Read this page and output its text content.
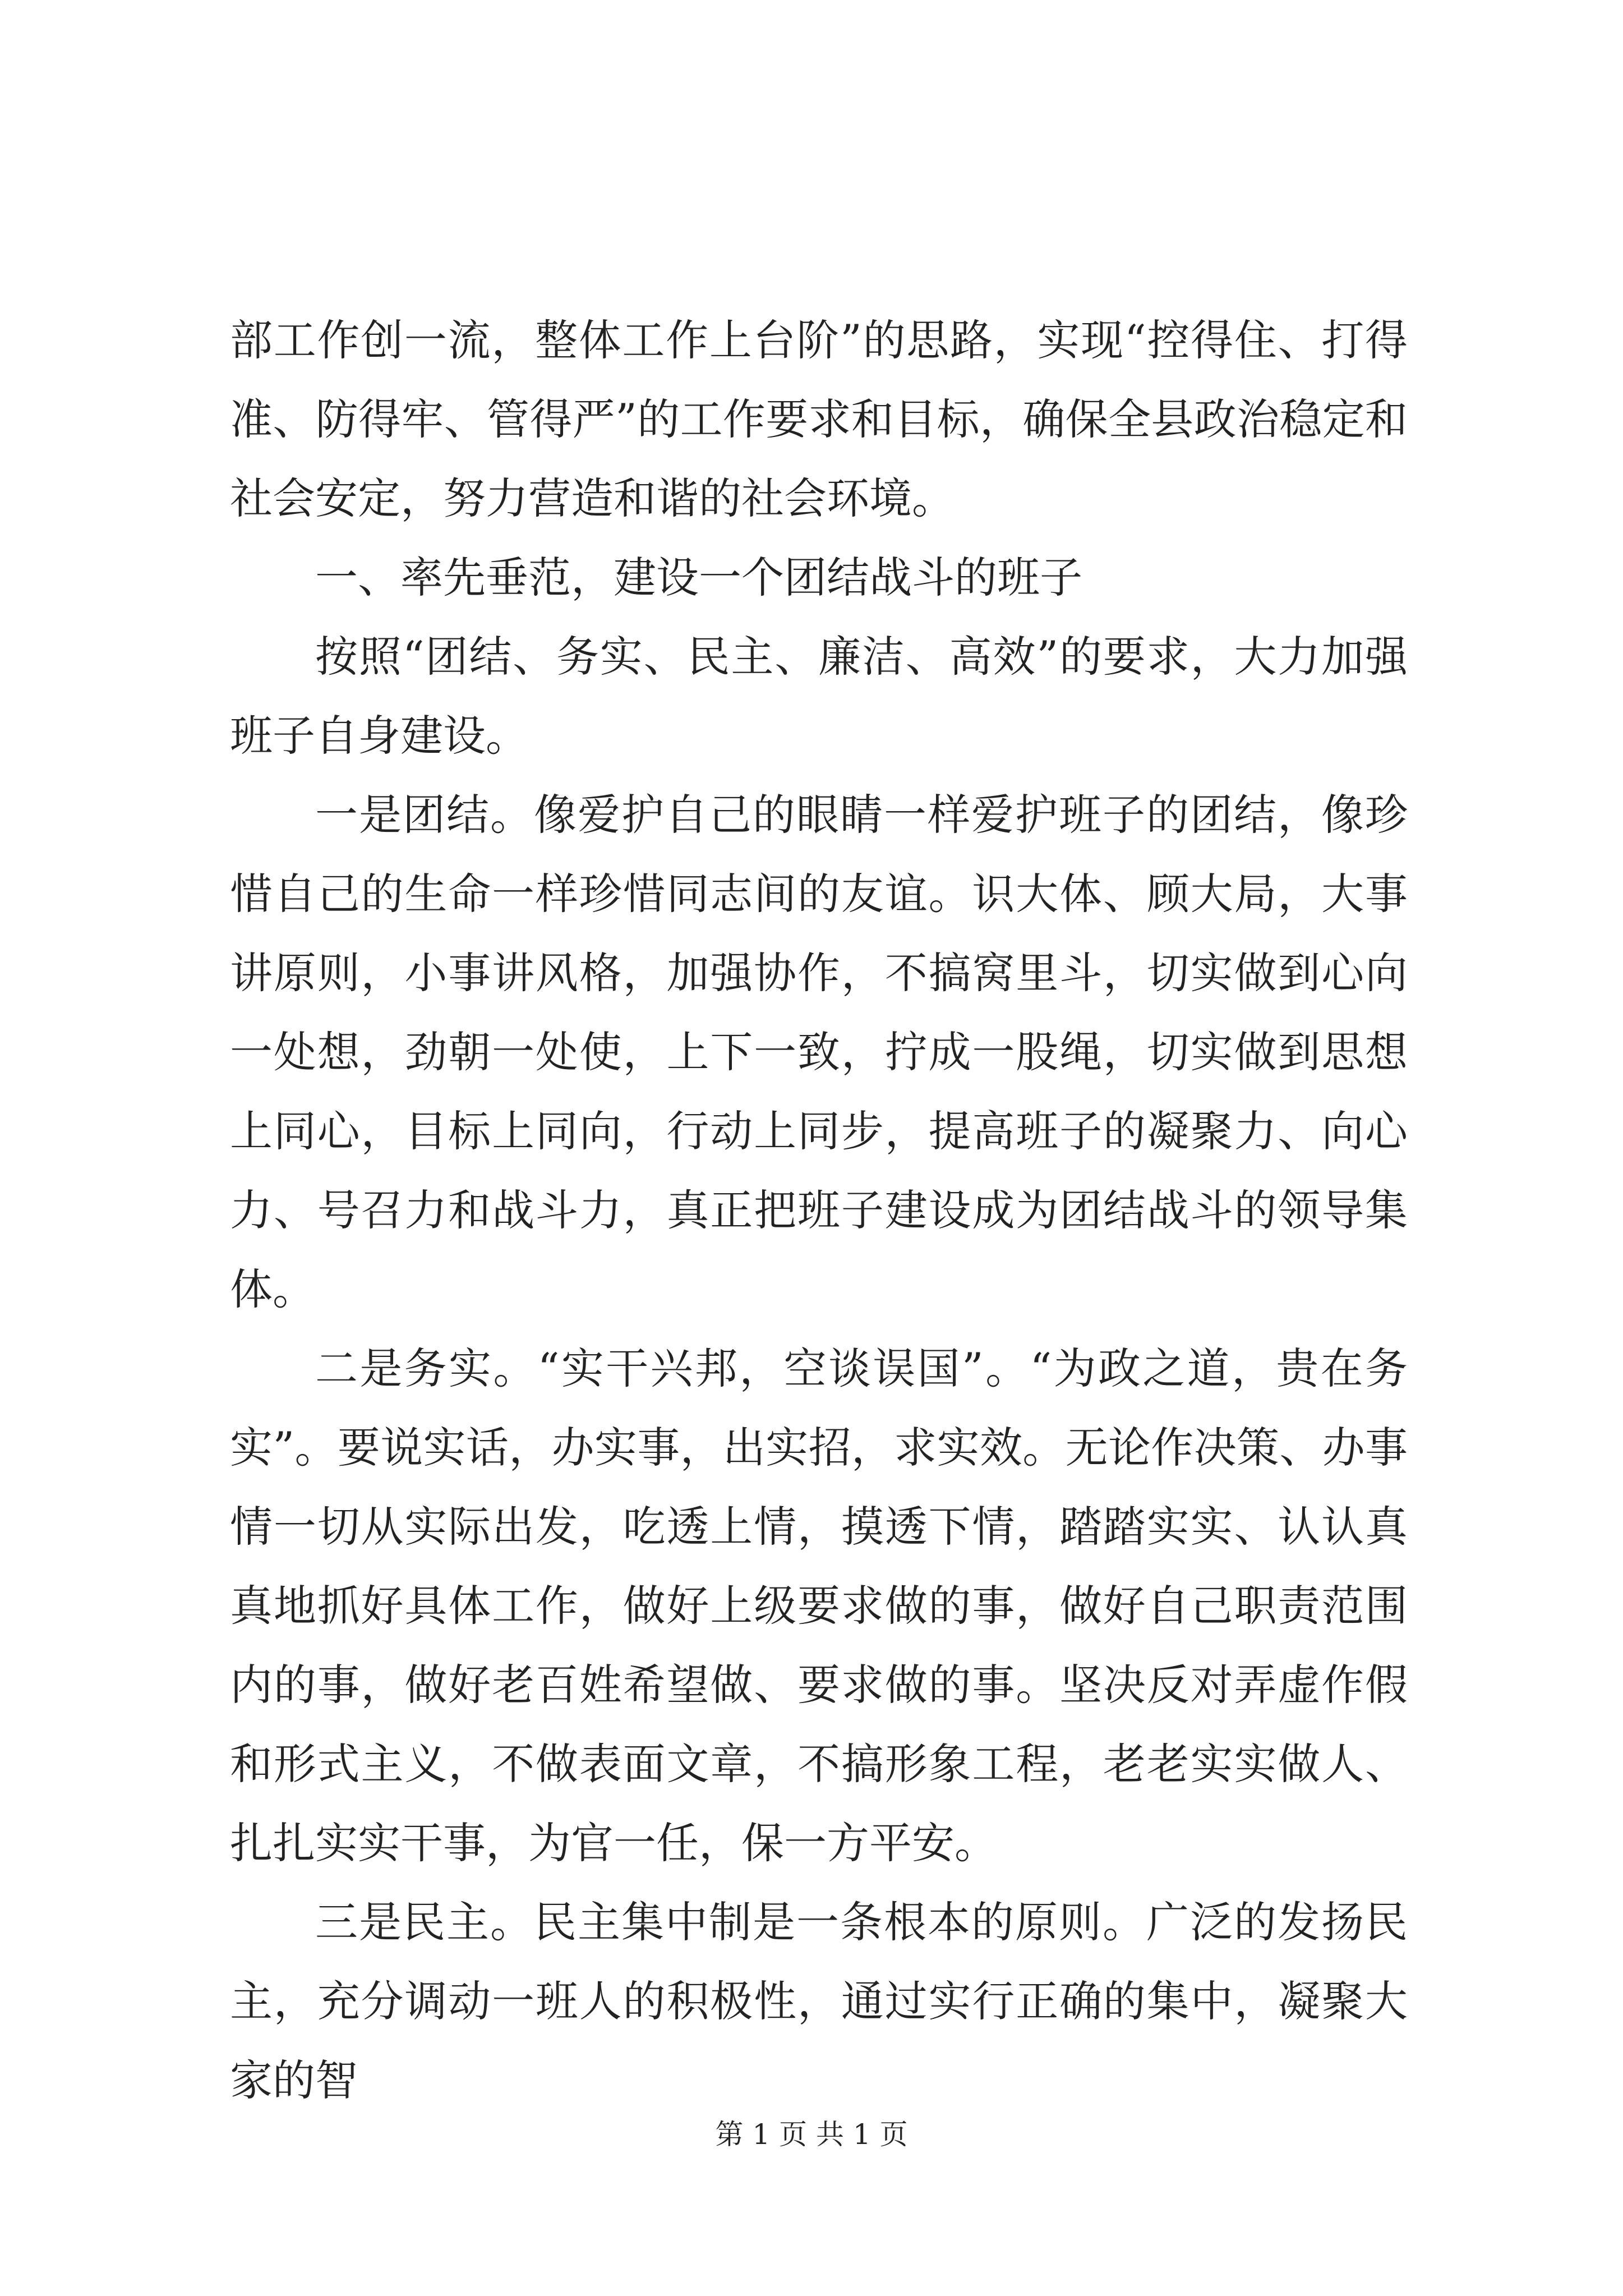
部工作创一流，整体工作上台阶”的思路，实现“控得住、打得准、防得牢、管得严”的工作要求和目标，确保全县政治稳定和社会安定，努力营造和谐的社会环境。

一、率先垂范，建设一个团结战斗的班子

按照“团结、务实、民主、廉洁、高效”的要求，大力加强班子自身建设。

一是团结。像爱护自己的眼睛一样爱护班子的团结，像珍惜自己的生命一样珍惜同志间的友谊。识大体、顾大局，大事讲原则，小事讲风格，加强协作，不搞窝里斗，切实做到心向一处想，劲朝一处使，上下一致，拧成一股绳，切实做到思想上同心，目标上同向，行动上同步，提高班子的凝聚力、向心力、号召力和战斗力，真正把班子建设成为团结战斗的领导集体。

二是务实。“实干兴邦，空谈误国”。“为政之道，贵在务实”。要说实话，办实事，出实招，求实效。无论作决策、办事情一切从实际出发，吃透上情，摸透下情，踏踏实实、认认真真地抓好具体工作，做好上级要求做的事，做好自己职责范围内的事，做好老百姓希望做、要求做的事。坚决反对弄虚作假和形式主义，不做表面文章，不搞形象工程，老老实实做人、扎扎实实干事，为官一任，保一方平安。

三是民主。民主集中制是一条根本的原则。广泛的发扬民主，充分调动一班人的积极性，通过实行正确的集中，凝聚大家的智

第 1 页 共 1 页
